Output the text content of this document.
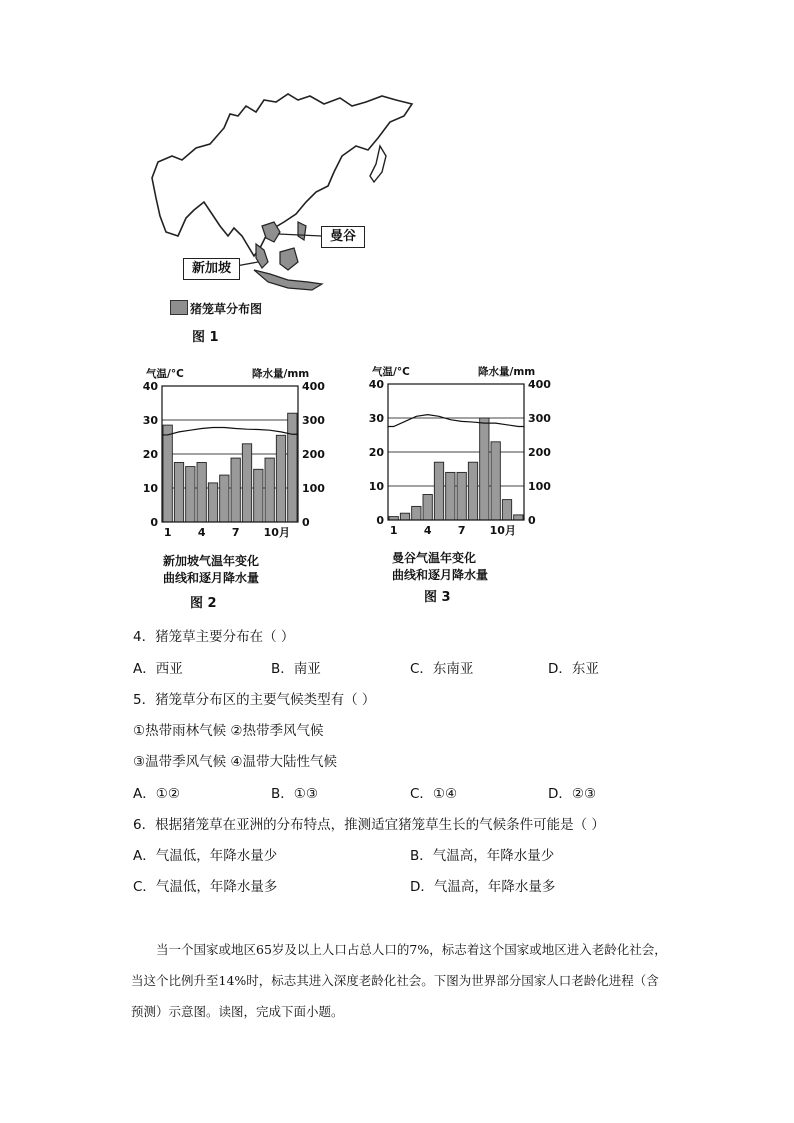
曼谷
新加坡
猪笼草分布图
图 1
气温/°C	降水量/mm
0
10
20
30
40
0
100
200
300
400
1 4 7 10月
新加坡气温年变化
曲线和逐月降水量
图 2
气温/°C	降水量/mm
0
10
20
30
40
0
100
200
300
400
1 4 7 10月
曼谷气温年变化
曲线和逐月降水量
图 3
4．猪笼草主要分布在（ ）
A．西亚	B．南亚	C．东南亚	D．东亚
5．猪笼草分布区的主要气候类型有（ ）
①热带雨林气候 ②热带季风气候
③温带季风气候 ④温带大陆性气候
A．①②	B．①③	C．①④	D．②③
6．根据猪笼草在亚洲的分布特点，推测适宜猪笼草生长的气候条件可能是（ ）
A．气温低，年降水量少	B．气温高，年降水量少
C．气温低，年降水量多	D．气温高，年降水量多
当一个国家或地区65岁及以上人口占总人口的7%，标志着这个国家或地区进入老龄化社会，当这个比例升至14%时，标志其进入深度老龄化社会。下图为世界部分国家人口老龄化进程（含预测）示意图。读图，完成下面小题。
